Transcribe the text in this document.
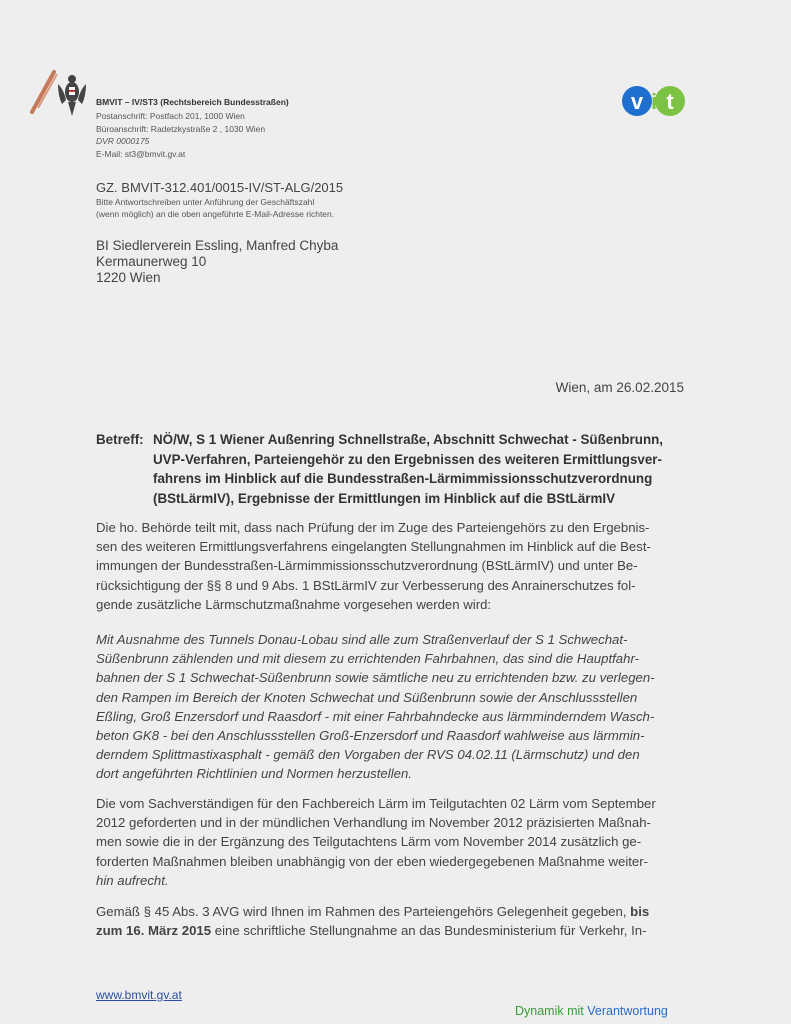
BMVIT – IV/ST3 (Rechtsbereich Bundesstraßen)
Postanschrift: Postfach 201, 1000 Wien
Büroanschrift: Radetzkystraße 2 , 1030 Wien
DVR 0000175
E-Mail: st3@bmvit.gv.at
v i t
GZ. BMVIT-312.401/0015-IV/ST-ALG/2015
Bitte Antwortschreiben unter Anführung der Geschäftszahl
(wenn möglich) an die oben angeführte E-Mail-Adresse richten.
BI Siedlerverein Essling, Manfred Chyba
Kermaunerweg 10
1220 Wien
Wien, am 26.02.2015
Betreff: NÖ/W, S 1 Wiener Außenring Schnellstraße, Abschnitt Schwechat - Süßenbrunn,
UVP-Verfahren, Parteiengehör zu den Ergebnissen des weiteren Ermittlungsver-
fahrens im Hinblick auf die Bundesstraßen-Lärmimmissionsschutzverordnung
(BStLärmIV), Ergebnisse der Ermittlungen im Hinblick auf die BStLärmIV
Die ho. Behörde teilt mit, dass nach Prüfung der im Zuge des Parteiengehörs zu den Ergebnis-
sen des weiteren Ermittlungsverfahrens eingelangten Stellungnahmen im Hinblick auf die Best-
immungen der Bundesstraßen-Lärmimmissionsschutzverordnung (BStLärmIV) und unter Be-
rücksichtigung der §§ 8 und 9 Abs. 1 BStLärmIV zur Verbesserung des Anrainerschutzes fol-
gende zusätzliche Lärmschutzmaßnahme vorgesehen werden wird:
Mit Ausnahme des Tunnels Donau-Lobau sind alle zum Straßenverlauf der S 1 Schwechat-
Süßenbrunn zählenden und mit diesem zu errichtenden Fahrbahnen, das sind die Hauptfahr-
bahnen der S 1 Schwechat-Süßenbrunn sowie sämtliche neu zu errichtenden bzw. zu verlegen-
den Rampen im Bereich der Knoten Schwechat und Süßenbrunn sowie der Anschlussstellen
Eßling, Groß Enzersdorf und Raasdorf - mit einer Fahrbahndecke aus lärmminderndem Wasch-
beton GK8 - bei den Anschlussstellen Groß-Enzersdorf und Raasdorf wahlweise aus lärmmin-
derndem Splittmastixasphalt - gemäß den Vorgaben der RVS 04.02.11 (Lärmschutz) und den
dort angeführten Richtlinien und Normen herzustellen.
Die vom Sachverständigen für den Fachbereich Lärm im Teilgutachten 02 Lärm vom September
2012 geforderten und in der mündlichen Verhandlung im November 2012 präzisierten Maßnah-
men sowie die in der Ergänzung des Teilgutachtens Lärm vom November 2014 zusätzlich ge-
forderten Maßnahmen bleiben unabhängig von der eben wiedergegebenen Maßnahme weiter-
hin aufrecht.
Gemäß § 45 Abs. 3 AVG wird Ihnen im Rahmen des Parteiengehörs Gelegenheit gegeben, bis
zum 16. März 2015 eine schriftliche Stellungnahme an das Bundesministerium für Verkehr, In-
www.bmvit.gv.at
Dynamik mit Verantwortung
